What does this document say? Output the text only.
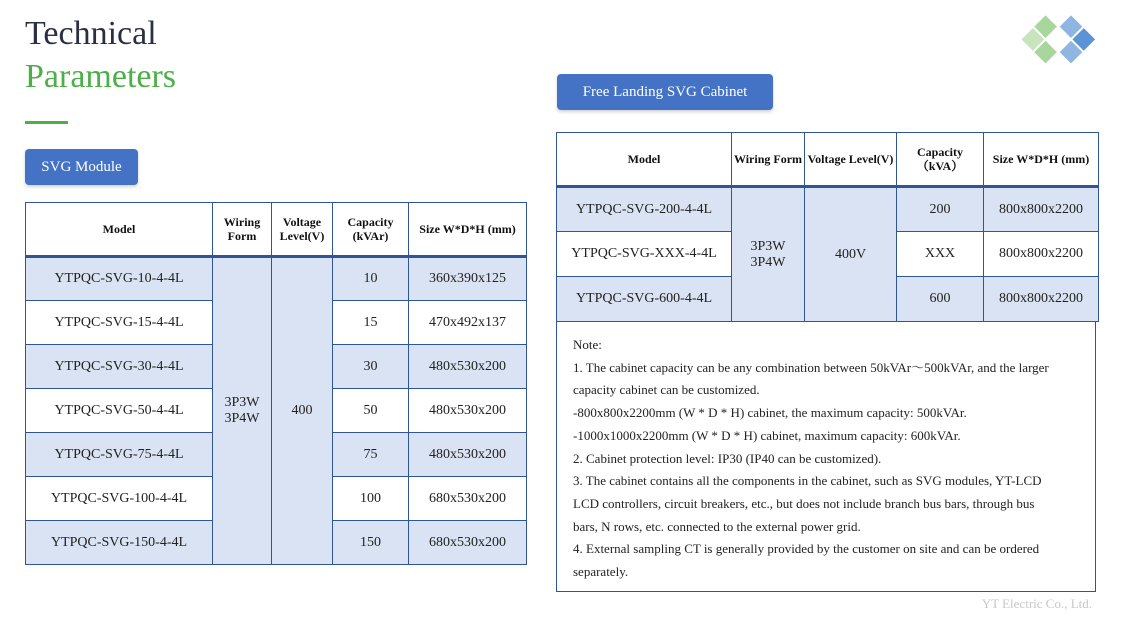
Technical
Parameters
SVG Module
Free Landing SVG Cabinet
Model	Wiring Form	Voltage Level(V)	Capacity (kVAr)	Size W*D*H (mm)
YTPQC-SVG-10-4-4L	3P3W 3P4W	400	10	360x390x125
YTPQC-SVG-15-4-4L			15	470x492x137
YTPQC-SVG-30-4-4L			30	480x530x200
YTPQC-SVG-50-4-4L			50	480x530x200
YTPQC-SVG-75-4-4L			75	480x530x200
YTPQC-SVG-100-4-4L			100	680x530x200
YTPQC-SVG-150-4-4L			150	680x530x200
Model	Wiring Form	Voltage Level(V)	Capacity （kVA）	Size W*D*H (mm)
YTPQC-SVG-200-4-4L	3P3W 3P4W	400V	200	800x800x2200
YTPQC-SVG-XXX-4-4L			XXX	800x800x2200
YTPQC-SVG-600-4-4L			600	800x800x2200

Note:

1. The cabinet capacity can be any combination between 50kVAr～500kVAr, and the larger

capacity cabinet can be customized.

-800x800x2200mm (W * D * H) cabinet, the maximum capacity: 500kVAr.

-1000x1000x2200mm (W * D * H) cabinet, maximum capacity: 600kVAr.

2. Cabinet protection level: IP30 (IP40 can be customized).

3. The cabinet contains all the components in the cabinet, such as SVG modules, YT-LCD

LCD controllers, circuit breakers, etc., but does not include branch bus bars, through bus

bars, N rows, etc. connected to the external power grid.

4. External sampling CT is generally provided by the customer on site and can be ordered

separately.

YT Electric Co., Ltd.
